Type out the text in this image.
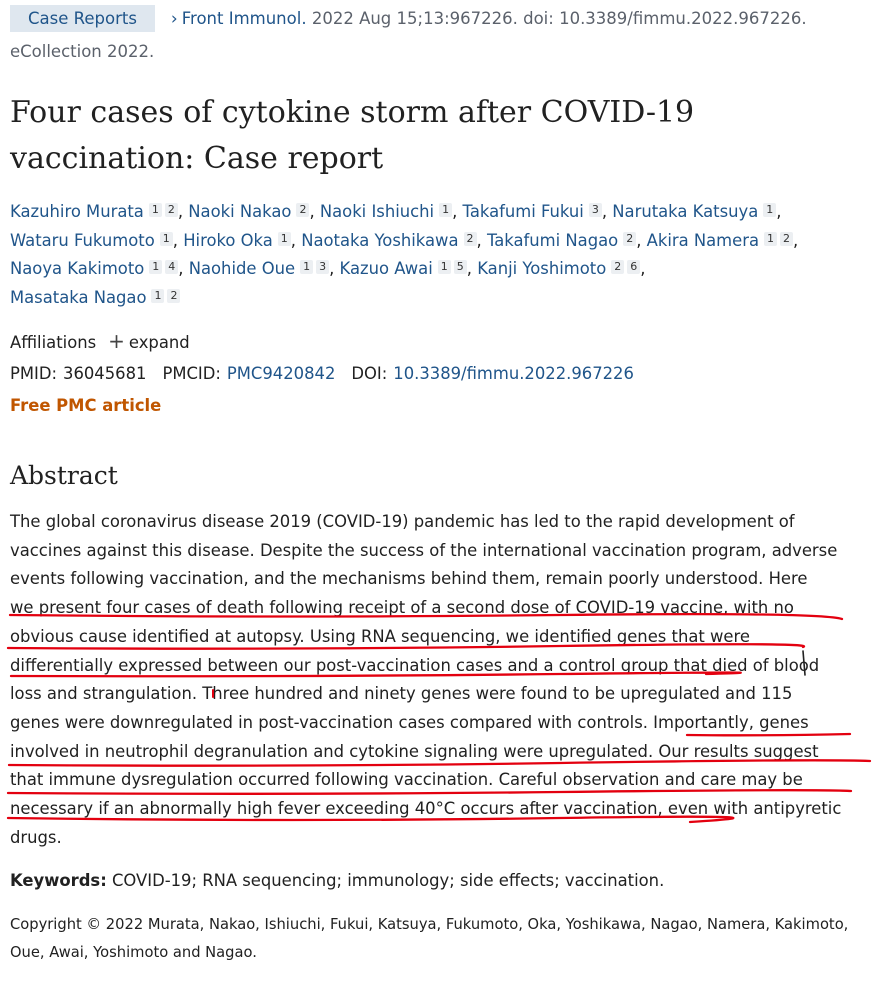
Case Reports › Front Immunol. 2022 Aug 15;13:967226. doi: 10.3389/fimmu.2022.967226.
eCollection 2022.
Four cases of cytokine storm after COVID-19 vaccination: Case report
Kazuhiro Murata 1 2 , Naoki Nakao 2 , Naoki Ishiuchi 1 , Takafumi Fukui 3 , Narutaka Katsuya 1 ,
Wataru Fukumoto 1 , Hiroko Oka 1 , Naotaka Yoshikawa 2 , Takafumi Nagao 2 , Akira Namera 1 2 ,
Naoya Kakimoto 1 4 , Naohide Oue 1 3 , Kazuo Awai 1 5 , Kanji Yoshimoto 2 6 ,
Masataka Nagao 1 2
Affiliations + expand
PMID: 36045681 PMCID: PMC9420842 DOI: 10.3389/fimmu.2022.967226
Free PMC article
Abstract
The global coronavirus disease 2019 (COVID-19) pandemic has led to the rapid development of
vaccines against this disease. Despite the success of the international vaccination program, adverse
events following vaccination, and the mechanisms behind them, remain poorly understood. Here
we present four cases of death following receipt of a second dose of COVID-19 vaccine, with no
obvious cause identified at autopsy. Using RNA sequencing, we identified genes that were
differentially expressed between our post-vaccination cases and a control group that died of blood
loss and strangulation. Three hundred and ninety genes were found to be upregulated and 115
genes were downregulated in post-vaccination cases compared with controls. Importantly, genes
involved in neutrophil degranulation and cytokine signaling were upregulated. Our results suggest
that immune dysregulation occurred following vaccination. Careful observation and care may be
necessary if an abnormally high fever exceeding 40°C occurs after vaccination, even with antipyretic
drugs.
Keywords: COVID-19; RNA sequencing; immunology; side effects; vaccination.
Copyright © 2022 Murata, Nakao, Ishiuchi, Fukui, Katsuya, Fukumoto, Oka, Yoshikawa, Nagao, Namera, Kakimoto, Oue, Awai, Yoshimoto and Nagao.
